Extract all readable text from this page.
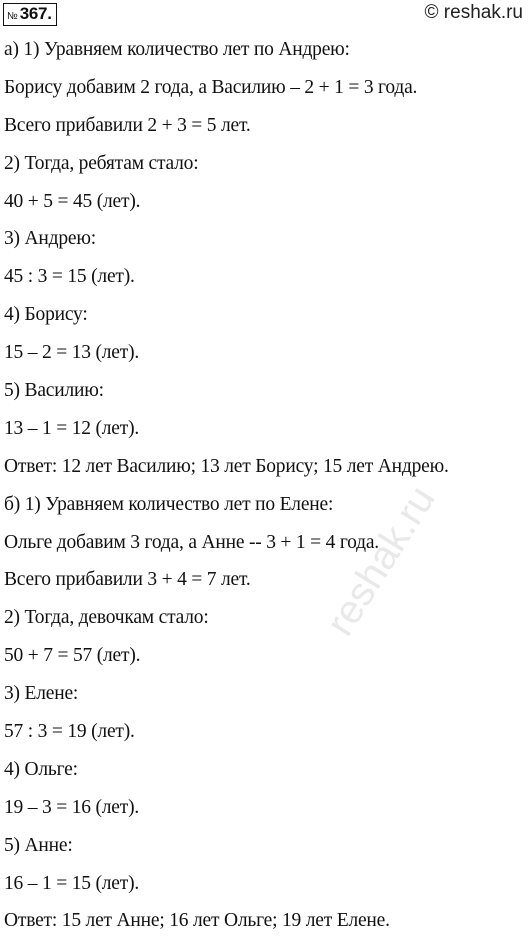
№ 367.	© reshak.ru
а) 1) Уравняем количество лет по Андрею:
Борису добавим 2 года, а Василию – 2 + 1 = 3 года.
Всего прибавили 2 + 3 = 5 лет.
2) Тогда, ребятам стало:
40 + 5 = 45 (лет).
3) Андрею:
45 : 3 = 15 (лет).
4) Борису:
15 – 2 = 13 (лет).
5) Василию:
13 – 1 = 12 (лет).
Ответ: 12 лет Василию; 13 лет Борису; 15 лет Андрею.
б) 1) Уравняем количество лет по Елене:
Ольге добавим 3 года, а Анне -- 3 + 1 = 4 года.
Всего прибавили 3 + 4 = 7 лет.
2) Тогда, девочкам стало:
50 + 7 = 57 (лет).
3) Елене:
57 : 3 = 19 (лет).
4) Ольге:
19 – 3 = 16 (лет).
5) Анне:
16 – 1 = 15 (лет).
Ответ: 15 лет Анне; 16 лет Ольге; 19 лет Елене.
reshak.ru
